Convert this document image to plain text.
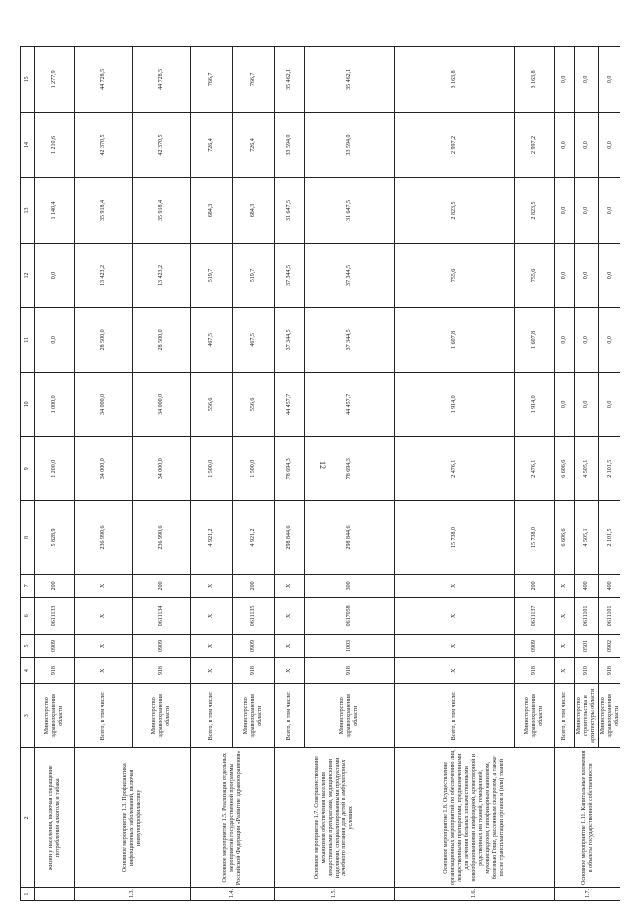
12
1	2	3	4	5	6	7	8	9	10	11	12	13	14	15
	жизни у населения, включая сокращение потребления алкоголя и табака	Министерство здравоохранения области	918	0909	0611133	200	5 828,9	1 200,0	1 000,0	0,0	0,0	1 140,4	1 210,6	1 277,9
1.3.	Основное мероприятие 1.3. Профилактика инфекционных заболеваний, включая иммунопрофилактику	Всего, в том числе:	X	X	X	X	236 990,6	34 000,0	34 000,0	28 500,0	13 423,2	35 918,4	42 370,5	44 728,5
		Министерство здравоохранения области	918	0909	0611134	200	236 990,6	34 000,0	34 000,0	28 500,0	13 423,2	35 918,4	42 370,5	44 728,5
1.4.	Основное мероприятие 1.5. Реализация отдельных мероприятий государственной программы Российской Федерации «Развитие здравоохранения»	Всего, в том числе:	X	X	X	X	4 921,2	1 500,0	556,6	467,5	519,7	684,3	726,4	766,7
		Министерство здравоохранения области	918	0909	0611135	200	4 921,2	1 500,0	556,6	467,5	519,7	684,3	726,4	766,7
1.5.	Основное мероприятие 1.7. Совершенствование механизмов обеспечения населения лекарственными препаратами, медицинскими изделиями, специализированными продуктами лечебного питания для детей в амбулаторных условиях	Всего, в том числе:	X	X	X	X	298 844,6	78 694,3	44 457,7	37 344,5	37 344,5	31 647,5	33 594,0	35 462,1
		Министерство здравоохранения области	918	1003	0617058	300	298 844,6	78 694,3	44 457,7	37 344,5	37 344,5	31 647,5	33 594,0	35 462,1
1.6.	Основное мероприятие 1.8. Осуществление организационных мероприятий по обеспечению лиц лекарственными препаратами, предназначенными для лечения больных злокачественными новообразованиями лимфоидной, кроветворной и родственных им тканей, гемофилией, муковисцидозом, гипофизарным нанизмом, болезнью Гоше, рассеянным склерозом, а также после трансплантации органов и (или) тканей	Всего, в том числе:	X	X	X	X	15 738,0	2 476,1	1 914,0	1 607,8	755,6	2 823,5	2 997,2	3 163,8
		Министерство здравоохранения области	918	0909	0611137	200	15 738,0	2 476,1	1 914,0	1 607,8	755,6	2 823,5	2 997,2	3 163,8
1.7.	Основное мероприятие 1.11. Капитальные вложения в объекты государственной собственности	Всего, в том числе:	X	X	X	X	6 606,6	6 606,6	0,0	0,0	0,0	0,0	0,0	0,0
		Министерство строительства и архитектуры области	910	0501	0611101	400	4 505,1	4 505,1	0,0	0,0	0,0	0,0	0,0	0,0
		Министерство здравоохранения области	918	0902	0611101	400	2 101,5	2 101,5	0,0	0,0	0,0	0,0	0,0	0,0
